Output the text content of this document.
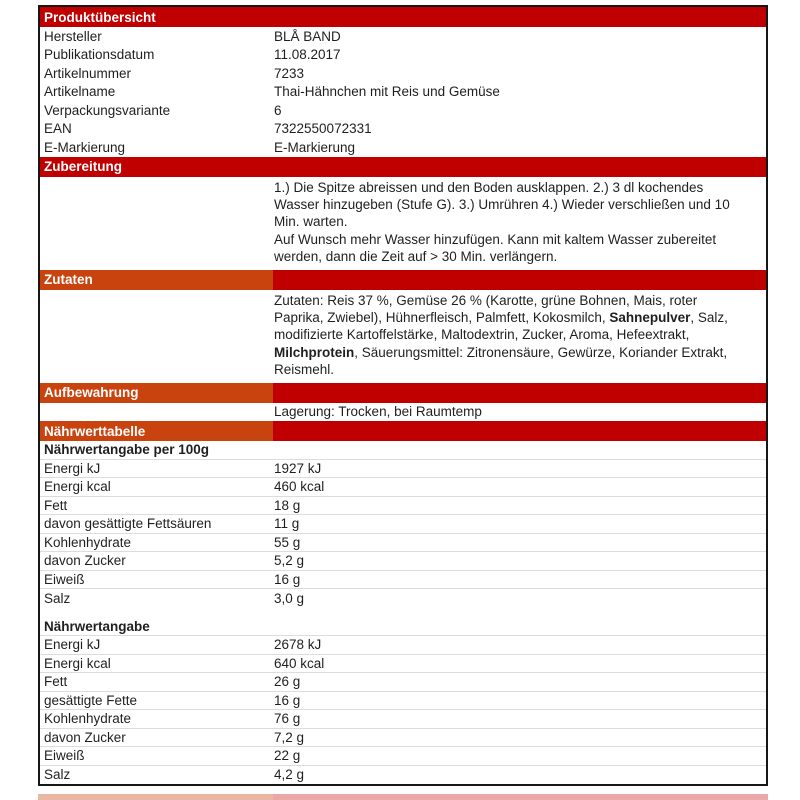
Produktübersicht
Hersteller	BLÅ BAND
Publikationsdatum	11.08.2017
Artikelnummer	7233
Artikelname	Thai-Hähnchen mit Reis und Gemüse
Verpackungsvariante	6
EAN	7322550072331
E-Markierung	E-Markierung
Zubereitung
1.) Die Spitze abreissen und den Boden ausklappen. 2.) 3 dl kochendes Wasser hinzugeben (Stufe G). 3.) Umrühren 4.) Wieder verschließen und 10 Min. warten.
Auf Wunsch mehr Wasser hinzufügen. Kann mit kaltem Wasser zubereitet werden, dann die Zeit auf > 30 Min. verlängern.
Zutaten
Zutaten: Reis 37 %, Gemüse 26 % (Karotte, grüne Bohnen, Mais, roter Paprika, Zwiebel), Hühnerfleisch, Palmfett, Kokosmilch, Sahnepulver, Salz, modifizierte Kartoffelstärke, Maltodextrin, Zucker, Aroma, Hefeextrakt, Milchprotein, Säuerungsmittel: Zitronensäure, Gewürze, Koriander Extrakt, Reismehl.
Aufbewahrung
Lagerung: Trocken, bei Raumtemp
Nährwerttabelle
Nährwertangabe per 100g
Energi kJ	1927 kJ
Energi kcal	460 kcal
Fett	18 g
davon gesättigte Fettsäuren	11 g
Kohlenhydrate	55 g
davon Zucker	5,2 g
Eiweiß	16 g
Salz	3,0 g
Nährwertangabe
Energi kJ	2678 kJ
Energi kcal	640 kcal
Fett	26 g
gesättigte Fette	16 g
Kohlenhydrate	76 g
davon Zucker	7,2 g
Eiweiß	22 g
Salz	4,2 g
